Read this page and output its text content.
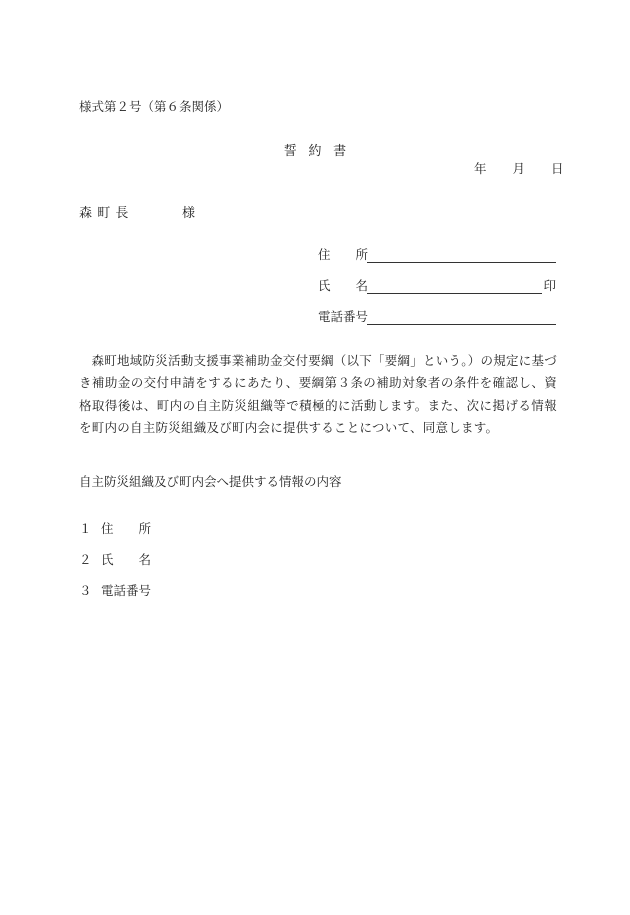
様式第２号（第６条関係）
誓約書
年 月 日
森町長	様
住　　所
氏　　名	印
電話番号
森町地域防災活動支援事業補助金交付要綱（以下「要綱」という。）の規定に基づき補助金の交付申請をするにあたり、要綱第３条の補助対象者の条件を確認し、資格取得後は、町内の自主防災組織等で積極的に活動します。また、次に掲げる情報を町内の自主防災組織及び町内会に提供することについて、同意します。
自主防災組織及び町内会へ提供する情報の内容
１ 住　　所
２ 氏　　名
３ 電話番号
